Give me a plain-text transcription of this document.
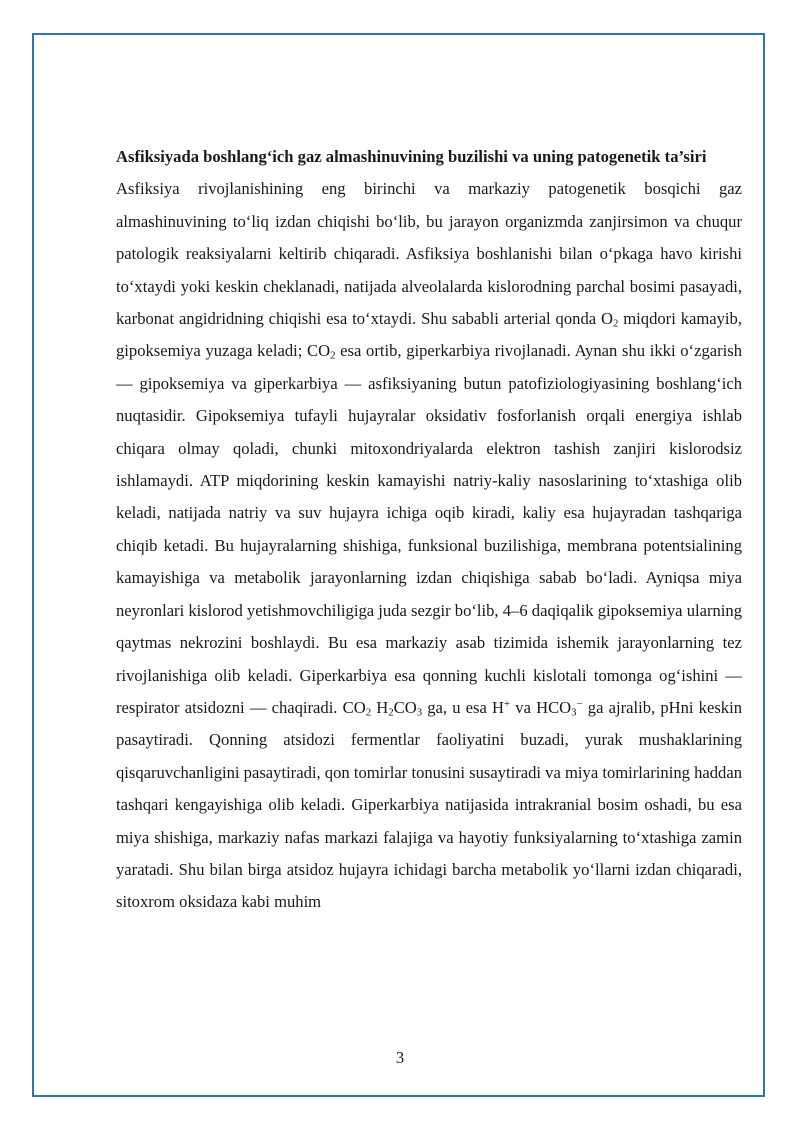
Asfiksiyada boshlang‘ich gaz almashinuvining buzilishi va uning patogenetik ta’siri

Asfiksiya rivojlanishining eng birinchi va markaziy patogenetik bosqichi gaz almashinuvining to‘liq izdan chiqishi bo‘lib, bu jarayon organizmda zanjirsimon va chuqur patologik reaksiyalarni keltirib chiqaradi. Asfiksiya boshlanishi bilan o‘pkaga havo kirishi to‘xtaydi yoki keskin cheklanadi, natijada alveolalarda kislorodning parchal bosimi pasayadi, karbonat angidridning chiqishi esa to‘xtaydi. Shu sababli arterial qonda $O_2$ miqdori kamayib, gipoksemiya yuzaga keladi; $CO_2$ esa ortib, giperkarbiya rivojlanadi. Aynan shu ikki o‘zgarish — gipoksemiya va giperkarbiya — asfiksiyaning butun patofiziologiyasining boshlang‘ich nuqtasidir. Gipoksemiya tufayli hujayralar oksidativ fosforlanish orqali energiya ishlab chiqara olmay qoladi, chunki mitoxondriyalarda elektron tashish zanjiri kislorodsiz ishlamaydi. ATP miqdorining keskin kamayishi natriy-kaliy nasoslarining to‘xtashiga olib keladi, natijada natriy va suv hujayra ichiga oqib kiradi, kaliy esa hujayradan tashqariga chiqib ketadi. Bu hujayralarning shishiga, funksional buzilishiga, membrana potentsialining kamayishiga va metabolik jarayonlarning izdan chiqishiga sabab bo‘ladi. Ayniqsa miya neyronlari kislorod yetishmovchiligiga juda sezgir bo‘lib, 4–6 daqiqalik gipoksemiya ularning qaytmas nekrozini boshlaydi. Bu esa markaziy asab tizimida ishemik jarayonlarning tez rivojlanishiga olib keladi. Giperkarbiya esa qonning kuchli kislotali tomonga og‘ishini — respirator atsidozni — chaqiradi. $CO_2$ $H_2CO_3$ ga, u esa H+ va $HCO_3^-$ ga ajralib, pHni keskin pasaytiradi. Qonning atsidozi fermentlar faoliyatini buzadi, yurak mushaklarining qisqaruvchanligini pasaytiradi, qon tomirlar tonusini susaytiradi va miya tomirlarining haddan tashqari kengayishiga olib keladi. Giperkarbiya natijasida intrakranial bosim oshadi, bu esa miya shishiga, markaziy nafas markazi falajiga va hayotiy funksiyalarning to‘xtashiga zamin yaratadi. Shu bilan birga atsidoz hujayra ichidagi barcha metabolik yo‘llarni izdan chiqaradi, sitoxrom oksidaza kabi muhim

3
